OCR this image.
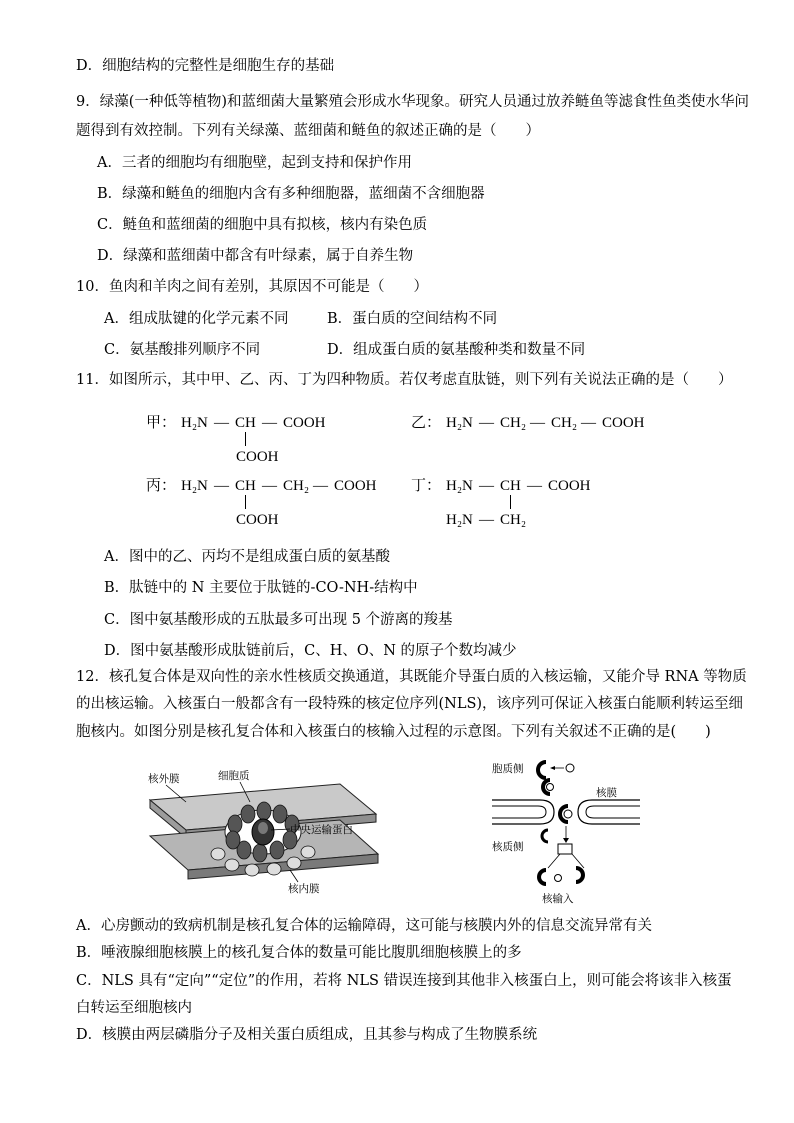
D．细胞结构的完整性是细胞生存的基础
9．绿藻(一种低等植物)和蓝细菌大量繁殖会形成水华现象。研究人员通过放养鲢鱼等滤食性鱼类使水华问
题得到有效控制。下列有关绿藻、蓝细菌和鲢鱼的叙述正确的是（　　）
A．三者的细胞均有细胞壁，起到支持和保护作用
B．绿藻和鲢鱼的细胞内含有多种细胞器，蓝细菌不含细胞器
C．鲢鱼和蓝细菌的细胞中具有拟核，核内有染色质
D．绿藻和蓝细菌中都含有叶绿素，属于自养生物
10．鱼肉和羊肉之间有差别，其原因不可能是（　　）
A．组成肽键的化学元素不同	B．蛋白质的空间结构不同
C．氨基酸排列顺序不同	D．组成蛋白质的氨基酸种类和数量不同
11．如图所示，其中甲、乙、丙、丁为四种物质。若仅考虑直肽链，则下列有关说法正确的是（　　）
甲： H₂N — CH — COOH
COOH
乙： H₂N — CH₂ — CH₂ — COOH
丙： H₂N — CH — CH₂ — COOH
COOH
丁： H₂N — CH — COOH
H₂N — CH₂
A．图中的乙、丙均不是组成蛋白质的氨基酸
B．肽链中的 N 主要位于肽链的-CO-NH-结构中
C．图中氨基酸形成的五肽最多可出现 5 个游离的羧基
D．图中氨基酸形成肽链前后，C、H、O、N 的原子个数均减少
12．核孔复合体是双向性的亲水性核质交换通道，其既能介导蛋白质的入核运输，又能介导 RNA 等物质
的出核运输。入核蛋白一般都含有一段特殊的核定位序列(NLS)，该序列可保证入核蛋白能顺利转运至细
胞核内。如图分别是核孔复合体和入核蛋白的核输入过程的示意图。下列有关叙述不正确的是(　　)
核外膜	细胞质
中央运输蛋白
核内膜
胞质侧
核膜
核质侧
核输入
A．心房颤动的致病机制是核孔复合体的运输障碍，这可能与核膜内外的信息交流异常有关
B．唾液腺细胞核膜上的核孔复合体的数量可能比腹肌细胞核膜上的多
C．NLS 具有“定向”“定位”的作用，若将 NLS 错误连接到其他非入核蛋白上，则可能会将该非入核蛋
白转运至细胞核内
D．核膜由两层磷脂分子及相关蛋白质组成，且其参与构成了生物膜系统
